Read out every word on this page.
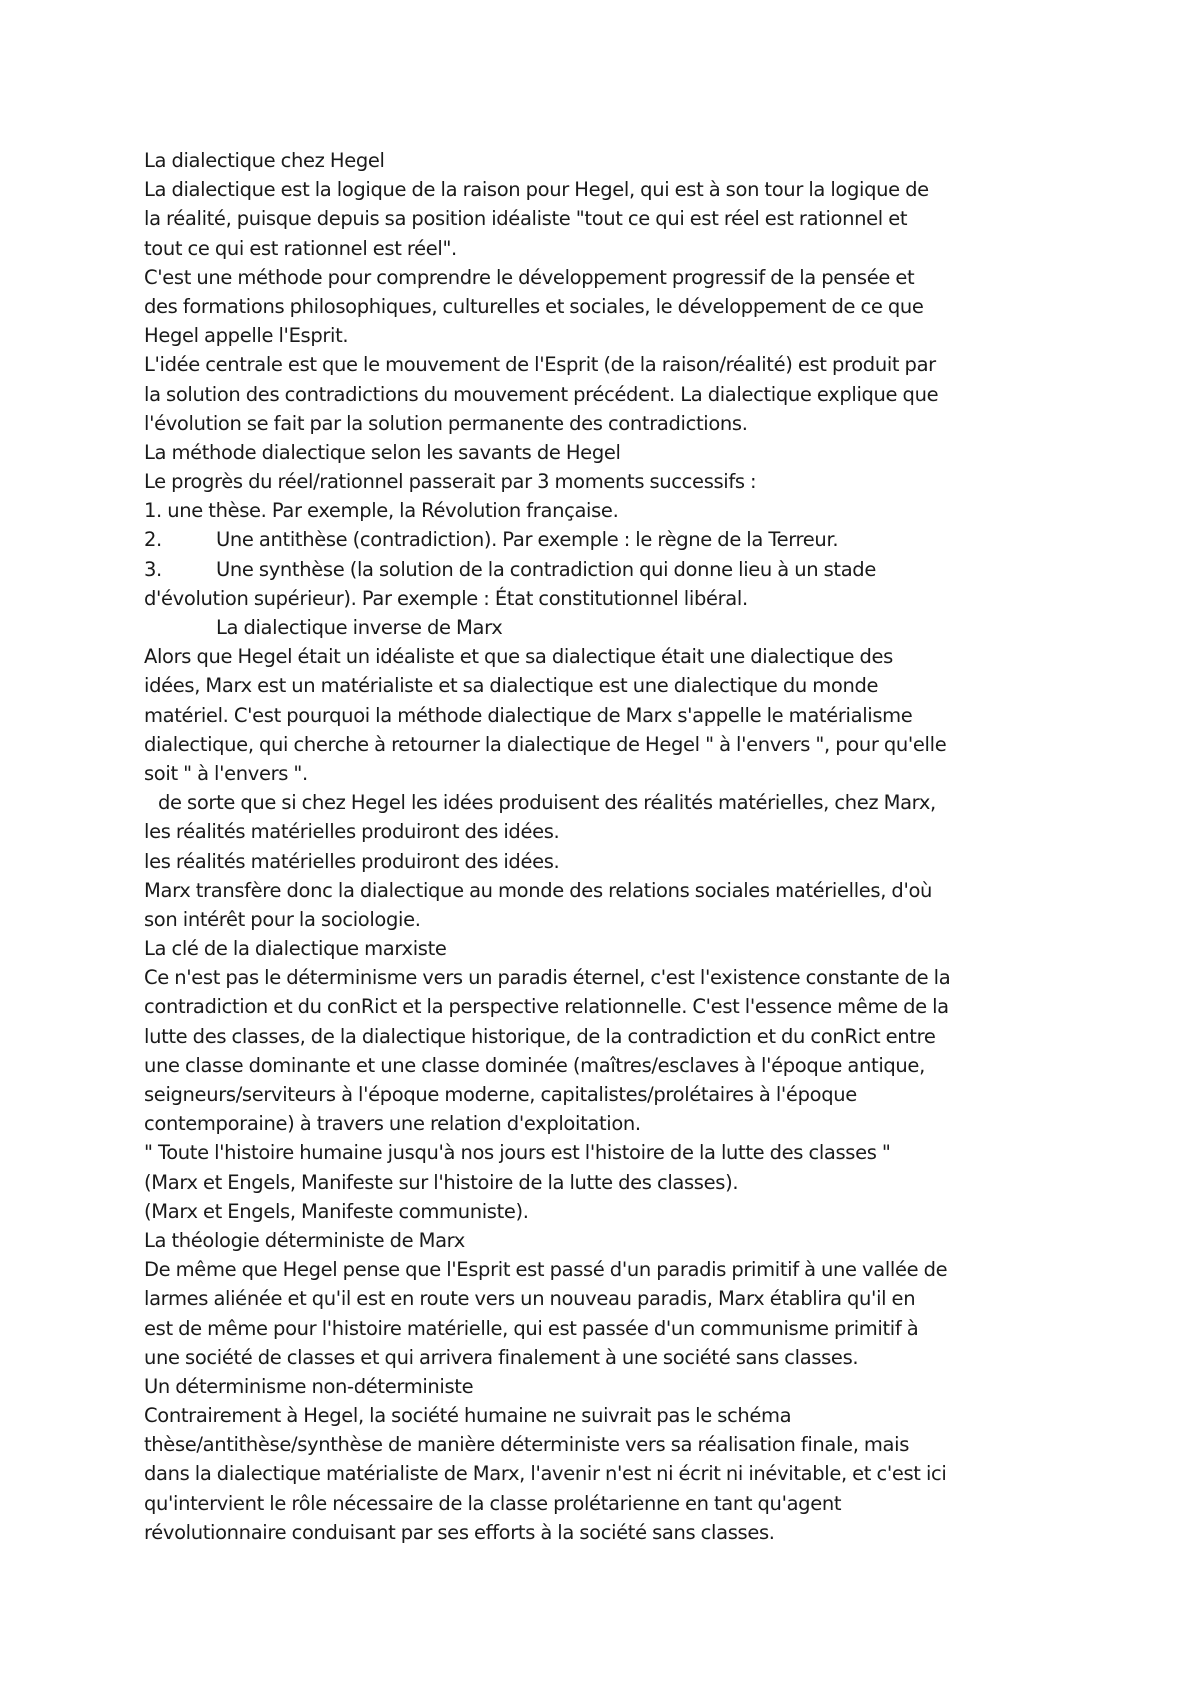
La dialectique chez Hegel
La dialectique est la logique de la raison pour Hegel, qui est à son tour la logique de
la réalité, puisque depuis sa position idéaliste "tout ce qui est réel est rationnel et
tout ce qui est rationnel est réel".
C'est une méthode pour comprendre le développement progressif de la pensée et
des formations philosophiques, culturelles et sociales, le développement de ce que
Hegel appelle l'Esprit.
L'idée centrale est que le mouvement de l'Esprit (de la raison/réalité) est produit par
la solution des contradictions du mouvement précédent. La dialectique explique que
l'évolution se fait par la solution permanente des contradictions.
La méthode dialectique selon les savants de Hegel
Le progrès du réel/rationnel passerait par 3 moments successifs :
1. une thèse. Par exemple, la Révolution française.
2.	Une antithèse (contradiction). Par exemple : le règne de la Terreur.
3.	Une synthèse (la solution de la contradiction qui donne lieu à un stade
d'évolution supérieur). Par exemple : État constitutionnel libéral.
La dialectique inverse de Marx
Alors que Hegel était un idéaliste et que sa dialectique était une dialectique des
idées, Marx est un matérialiste et sa dialectique est une dialectique du monde
matériel. C'est pourquoi la méthode dialectique de Marx s'appelle le matérialisme
dialectique, qui cherche à retourner la dialectique de Hegel " à l'envers ", pour qu'elle
soit " à l'envers ".
de sorte que si chez Hegel les idées produisent des réalités matérielles, chez Marx,
les réalités matérielles produiront des idées.
les réalités matérielles produiront des idées.
Marx transfère donc la dialectique au monde des relations sociales matérielles, d'où
son intérêt pour la sociologie.
La clé de la dialectique marxiste
Ce n'est pas le déterminisme vers un paradis éternel, c'est l'existence constante de la
contradiction et du conRict et la perspective relationnelle. C'est l'essence même de la
lutte des classes, de la dialectique historique, de la contradiction et du conRict entre
une classe dominante et une classe dominée (maîtres/esclaves à l'époque antique,
seigneurs/serviteurs à l'époque moderne, capitalistes/prolétaires à l'époque
contemporaine) à travers une relation d'exploitation.
" Toute l'histoire humaine jusqu'à nos jours est l'histoire de la lutte des classes "
(Marx et Engels, Manifeste sur l'histoire de la lutte des classes).
(Marx et Engels, Manifeste communiste).
La théologie déterministe de Marx
De même que Hegel pense que l'Esprit est passé d'un paradis primitif à une vallée de
larmes aliénée et qu'il est en route vers un nouveau paradis, Marx établira qu'il en
est de même pour l'histoire matérielle, qui est passée d'un communisme primitif à
une société de classes et qui arrivera finalement à une société sans classes.
Un déterminisme non-déterministe
Contrairement à Hegel, la société humaine ne suivrait pas le schéma
thèse/antithèse/synthèse de manière déterministe vers sa réalisation finale, mais
dans la dialectique matérialiste de Marx, l'avenir n'est ni écrit ni inévitable, et c'est ici
qu'intervient le rôle nécessaire de la classe prolétarienne en tant qu'agent
révolutionnaire conduisant par ses efforts à la société sans classes.
